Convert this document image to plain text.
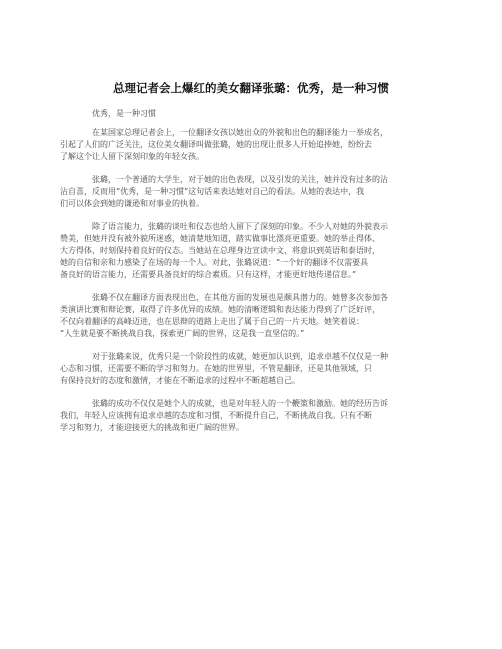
总理记者会上爆红的美女翻译张璐：优秀，是一种习惯
优秀，是一种习惯
在某国家总理记者会上，一位翻译女孩以她出众的外貌和出色的翻译能力一举成名，
引起了人们的广泛关注，这位美女翻译叫做张璐，她的出现让很多人开始追捧她，纷纷去
了解这个让人留下深刻印象的年轻女孩。
张璐，一个普通的大学生，对于她的出色表现，以及引发的关注，她并没有过多的沾
沾自喜，反而用“优秀，是一种习惯”这句话来表达她对自己的看法。从她的表达中，我
们可以体会到她的谦逊和对事业的执着。
除了语言能力，张璐的谈吐和仪态也给人留下了深刻的印象。不少人对她的外貌表示
赞美，但她并没有被外貌所迷惑，她清楚地知道，踏实做事比漂亮更重要。她的举止得体、
大方得体，时刻保持着良好的仪态。当她站在总理身边宣读中文，将意识到英语和泰语时，
她的自信和亲和力感染了在场的每一个人。对此，张璐说道：“一个好的翻译不仅需要具
备良好的语言能力，还需要具备良好的综合素质。只有这样，才能更好地传递信息。”
张璐不仅在翻译方面表现出色，在其他方面的发展也是颇具潜力的。她曾多次参加各
类演讲比赛和辩论赛，取得了许多优异的成绩。她的清晰逻辑和表达能力得到了广泛好评，
不仅向着翻译的高峰迈进，也在思辩的道路上走出了属于自己的一片天地。她笑着说：
“人生就是要不断挑战自我，探索更广阔的世界，这是我一直坚信的。”
对于张璐来说，优秀只是一个阶段性的成就，她更加认识到，追求卓越不仅仅是一种
心态和习惯，还需要不断的学习和努力。在她的世界里，不管是翻译，还是其他领域，只
有保持良好的态度和激情，才能在不断追求的过程中不断超越自己。
张璐的成功不仅仅是她个人的成就，也是对年轻人的一个鞭策和激励。她的经历告诉
我们，年轻人应该拥有追求卓越的态度和习惯，不断提升自己，不断挑战自我。只有不断
学习和努力，才能迎接更大的挑战和更广阔的世界。
